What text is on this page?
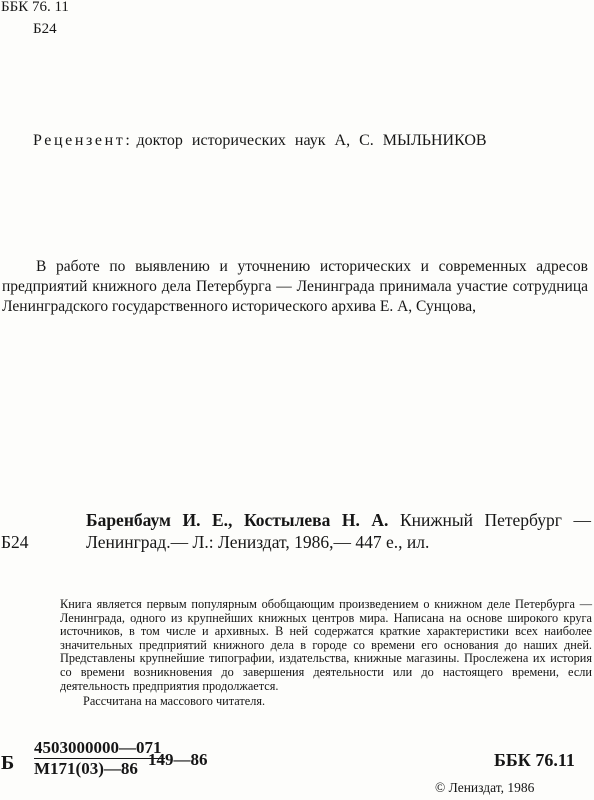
ББК 76. 11
Б24
Рецензент: доктор исторических наук А, С. МЫЛЬНИКОВ

В работе по выявлению и уточнению исторических и современных адресов предприятий книжного дела Петербурга — Ленинграда принимала участие сотрудница Ленинградского государственного исторического архива Е. А, Сунцова,

Б24
Баренбаум И. Е., Костылева Н. А. Книжный Петербург — Ленинград.— Л.: Лениздат, 1986,— 447 е., ил.

Книга является первым популярным обобщающим произведением о книжном деле Петербурга — Ленинграда, одного из крупнейших книжных центров мира. Написана на основе широкого круга источников, в том числе и архивных. В ней содержатся краткие характеристики всех наиболее значительных предприятий книжного дела в городе со времени его основания до наших дней. Представлены крупнейшие типографии, издательства, книжные магазины. Прослежена их история со времени возникновения до завершения деятельности или до настоящего времени, если деятельность предприятия продолжается.

Рассчитана на массового читателя.

Б
4503000000—071
М171(03)—86 149—86	ББК 76.11
© Лениздат, 1986
